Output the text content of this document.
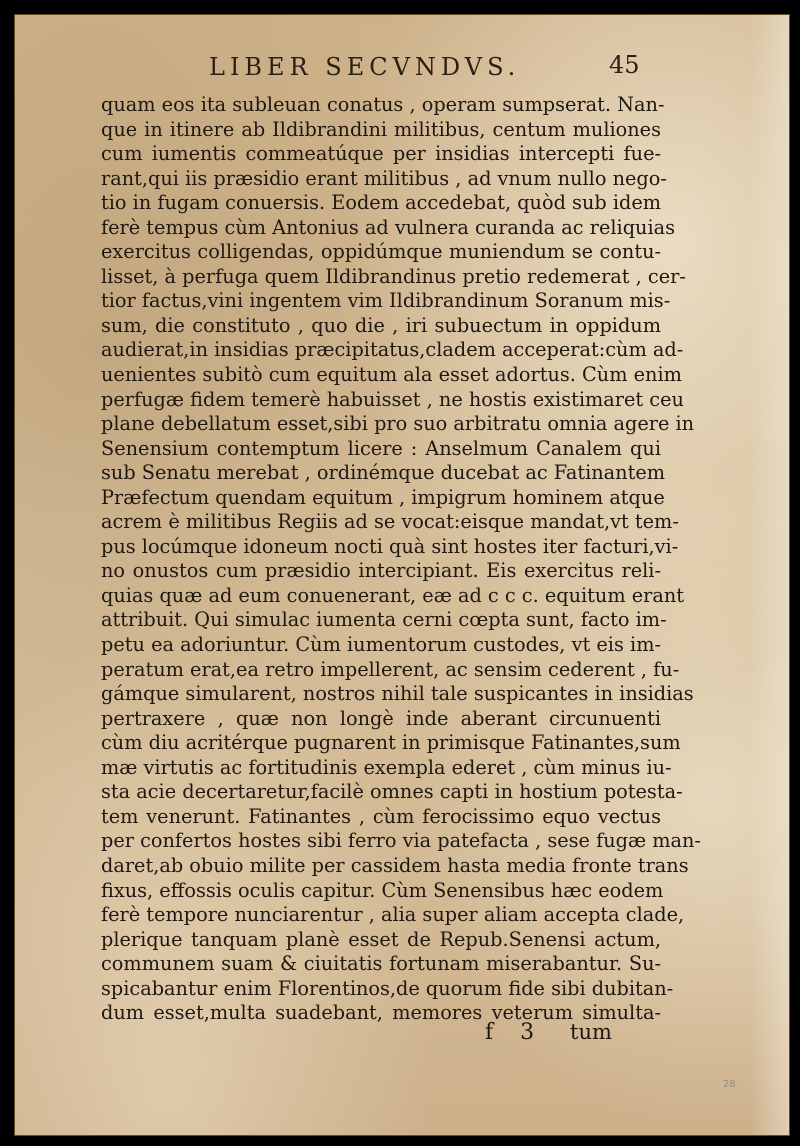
LIBER SECVNDVS.	45
quam eos ita subleuan conatus , operam sumpserat. Nan-
que in itinere ab Ildibrandini militibus, centum muliones
cum iumentis commeatúque per insidias intercepti fue-
rant,qui iis præsidio erant militibus , ad vnum nullo nego-
tio in fugam conuersis. Eodem accedebat, quòd sub idem
ferè tempus cùm Antonius ad vulnera curanda ac reliquias
exercitus colligendas, oppidúmque muniendum se contu-
lisset, à perfuga quem Ildibrandinus pretio redemerat , cer-
tior factus,vini ingentem vim Ildibrandinum Soranum mis-
sum, die constituto , quo die , iri subuectum in oppidum
audierat,in insidias præcipitatus,cladem acceperat:cùm ad-
uenientes subitò cum equitum ala esset adortus. Cùm enim
perfugæ fidem temerè habuisset , ne hostis existimaret ceu
plane debellatum esset,sibi pro suo arbitratu omnia agere in
Senensium contemptum licere : Anselmum Canalem qui
sub Senatu merebat , ordinémque ducebat ac Fatinantem
Præfectum quendam equitum , impigrum hominem atque
acrem è militibus Regiis ad se vocat:eisque mandat,vt tem-
pus locúmque idoneum nocti quà sint hostes iter facturi,vi-
no onustos cum præsidio intercipiant. Eis exercitus reli-
quias quæ ad eum conuenerant, eæ ad c c c. equitum erant
attribuit. Qui simulac iumenta cerni cœpta sunt, facto im-
petu ea adoriuntur. Cùm iumentorum custodes, vt eis im-
peratum erat,ea retro impellerent, ac sensim cederent , fu-
gámque simularent, nostros nihil tale suspicantes in insidias
pertraxere , quæ non longè inde aberant circunuenti
cùm diu acritérque pugnarent in primisque Fatinantes,sum
mæ virtutis ac fortitudinis exempla ederet , cùm minus iu-
sta acie decertaretur,facilè omnes capti in hostium potesta-
tem venerunt. Fatinantes , cùm ferocissimo equo vectus
per confertos hostes sibi ferro via patefacta , sese fugæ man-
daret,ab obuio milite per cassidem hasta media fronte trans
fixus, effossis oculis capitur. Cùm Senensibus hæc eodem
ferè tempore nunciarentur , alia super aliam accepta clade,
plerique tanquam planè esset de Repub.Senensi actum,
communem suam & ciuitatis fortunam miserabantur. Su-
spicabantur enim Florentinos,de quorum fide sibi dubitan-
dum esset,multa suadebant, memores veterum simulta-
f 3 tum
28
